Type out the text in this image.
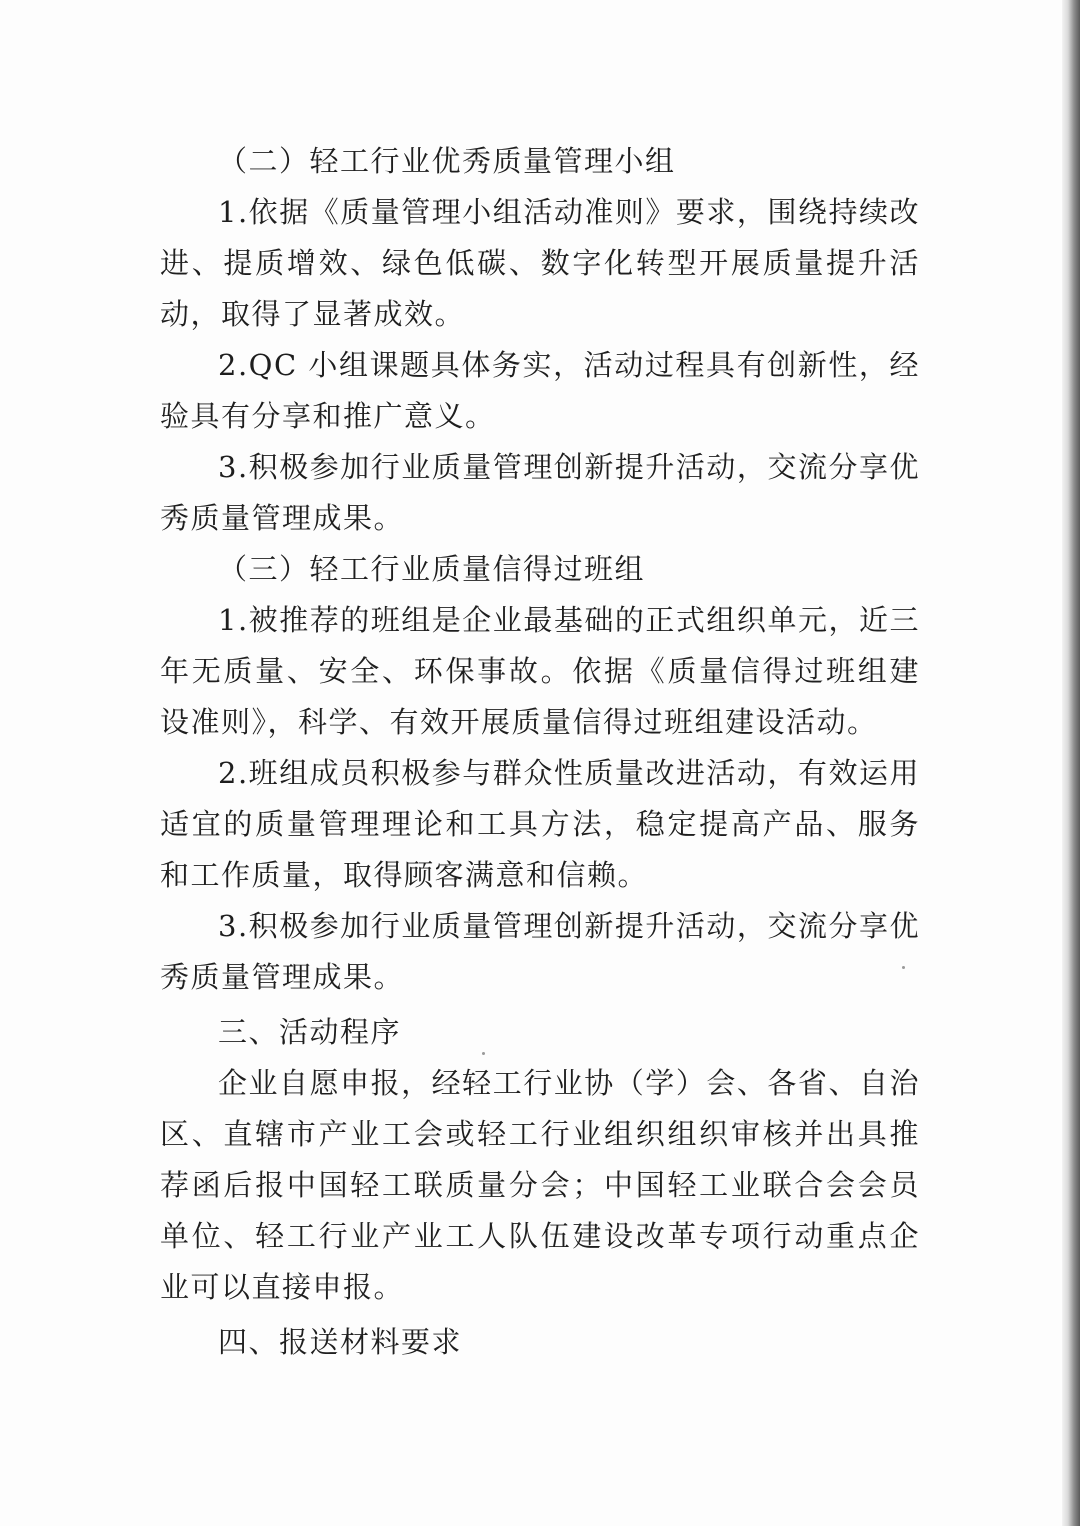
（二）轻工行业优秀质量管理小组

1.依据《质量管理小组活动准则》要求，围绕持续改进、提质增效、绿色低碳、数字化转型开展质量提升活动，取得了显著成效。

2.QC 小组课题具体务实，活动过程具有创新性，经验具有分享和推广意义。

3.积极参加行业质量管理创新提升活动，交流分享优秀质量管理成果。

（三）轻工行业质量信得过班组

1.被推荐的班组是企业最基础的正式组织单元，近三年无质量、安全、环保事故。依据《质量信得过班组建设准则》，科学、有效开展质量信得过班组建设活动。

2.班组成员积极参与群众性质量改进活动，有效运用适宜的质量管理理论和工具方法，稳定提高产品、服务和工作质量，取得顾客满意和信赖。

3.积极参加行业质量管理创新提升活动，交流分享优秀质量管理成果。

三、活动程序

企业自愿申报，经轻工行业协（学）会、各省、自治区、直辖市产业工会或轻工行业组织组织审核并出具推荐函后报中国轻工联质量分会；中国轻工业联合会会员单位、轻工行业产业工人队伍建设改革专项行动重点企业可以直接申报。

四、报送材料要求
